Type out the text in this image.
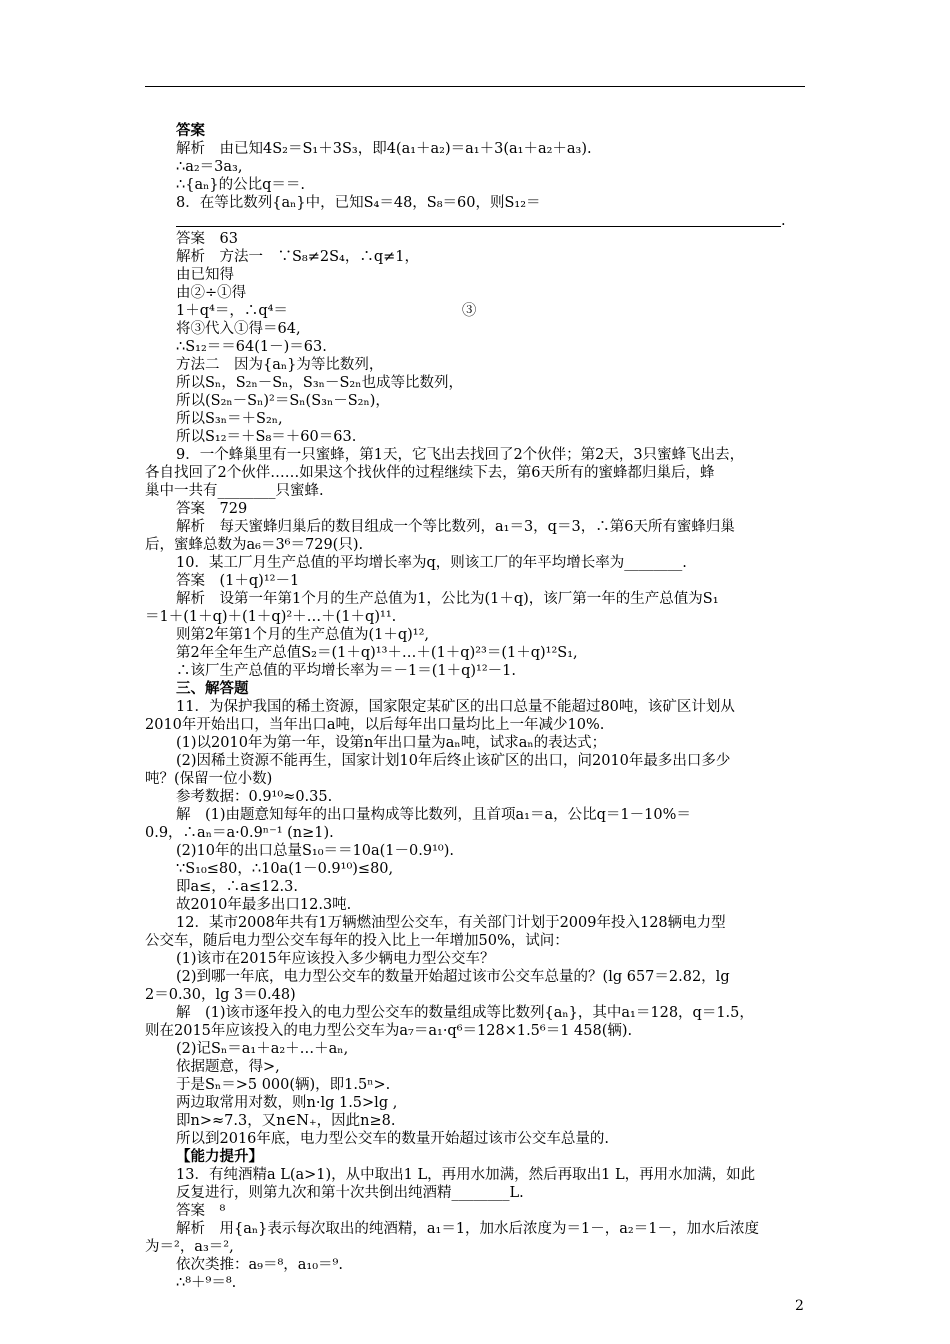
答案
解析　由已知4S₂＝S₁＋3S₃，即4(a₁＋a₂)＝a₁＋3(a₁＋a₂＋a₃).
∴a₂＝3a₃,
∴{aₙ}的公比q＝＝.
8．在等比数列{aₙ}中，已知S₄＝48，S₈＝60，则S₁₂＝
.
答案　63
解析　方法一　∵S₈≠2S₄，∴q≠1，
由已知得
由②÷①得
1＋q⁴＝，∴q⁴＝　　　　　　　　　　　　③
将③代入①得＝64,
∴S₁₂＝＝64(1－)＝63.
方法二　因为{aₙ}为等比数列，
所以Sₙ，S₂ₙ－Sₙ，S₃ₙ－S₂ₙ也成等比数列，
所以(S₂ₙ－Sₙ)²＝Sₙ(S₃ₙ－S₂ₙ)，
所以S₃ₙ＝＋S₂ₙ,
所以S₁₂＝＋S₈＝＋60＝63.
9．一个蜂巢里有一只蜜蜂，第1天，它飞出去找回了2个伙伴；第2天，3只蜜蜂飞出去，
各自找回了2个伙伴……如果这个找伙伴的过程继续下去，第6天所有的蜜蜂都归巢后，蜂
巢中一共有________只蜜蜂.
答案　729
解析　每天蜜蜂归巢后的数目组成一个等比数列，a₁＝3，q＝3，∴第6天所有蜜蜂归巢
后，蜜蜂总数为a₆＝3⁶＝729(只).
10．某工厂月生产总值的平均增长率为q，则该工厂的年平均增长率为________.
答案　(1＋q)¹²－1
解析　设第一年第1个月的生产总值为1，公比为(1＋q)，该厂第一年的生产总值为S₁
＝1＋(1＋q)＋(1＋q)²＋…＋(1＋q)¹¹.
则第2年第1个月的生产总值为(1＋q)¹²,
第2年全年生产总值S₂＝(1＋q)¹³＋…＋(1＋q)²³＝(1＋q)¹²S₁,
∴该厂生产总值的平均增长率为＝－1＝(1＋q)¹²－1.
三、解答题
11．为保护我国的稀土资源，国家限定某矿区的出口总量不能超过80吨，该矿区计划从
2010年开始出口，当年出口a吨，以后每年出口量均比上一年减少10%.
(1)以2010年为第一年，设第n年出口量为aₙ吨，试求aₙ的表达式；
(2)因稀土资源不能再生，国家计划10年后终止该矿区的出口，问2010年最多出口多少
吨？(保留一位小数)
参考数据：0.9¹⁰≈0.35.
解　(1)由题意知每年的出口量构成等比数列，且首项a₁＝a，公比q＝1－10%＝
0.9，∴aₙ＝a·0.9ⁿ⁻¹ (n≥1).
(2)10年的出口总量S₁₀＝＝10a(1－0.9¹⁰).
∵S₁₀≤80，∴10a(1－0.9¹⁰)≤80,
即a≤，∴a≤12.3.
故2010年最多出口12.3吨.
12．某市2008年共有1万辆燃油型公交车，有关部门计划于2009年投入128辆电力型
公交车，随后电力型公交车每年的投入比上一年增加50%，试问：
(1)该市在2015年应该投入多少辆电力型公交车？
(2)到哪一年底，电力型公交车的数量开始超过该市公交车总量的？(lg 657＝2.82，lg
2＝0.30，lg 3＝0.48)
解　(1)该市逐年投入的电力型公交车的数量组成等比数列{aₙ}，其中a₁＝128，q＝1.5，
则在2015年应该投入的电力型公交车为a₇＝a₁·q⁶＝128×1.5⁶＝1 458(辆).
(2)记Sₙ＝a₁＋a₂＋…＋aₙ,
依据题意，得>,
于是Sₙ＝>5 000(辆)，即1.5ⁿ>.
两边取常用对数，则n·lg 1.5>lg ,
即n>≈7.3，又n∈N₊，因此n≥8.
所以到2016年底，电力型公交车的数量开始超过该市公交车总量的.
【能力提升】
13．有纯酒精a L(a>1)，从中取出1 L，再用水加满，然后再取出1 L，再用水加满，如此
反复进行，则第九次和第十次共倒出纯酒精________L.
答案　⁸
解析　用{aₙ}表示每次取出的纯酒精，a₁＝1，加水后浓度为＝1－，a₂＝1－，加水后浓度
为＝²，a₃＝²,
依次类推：a₉＝⁸，a₁₀＝⁹.
∴⁸＋⁹＝⁸.
2
